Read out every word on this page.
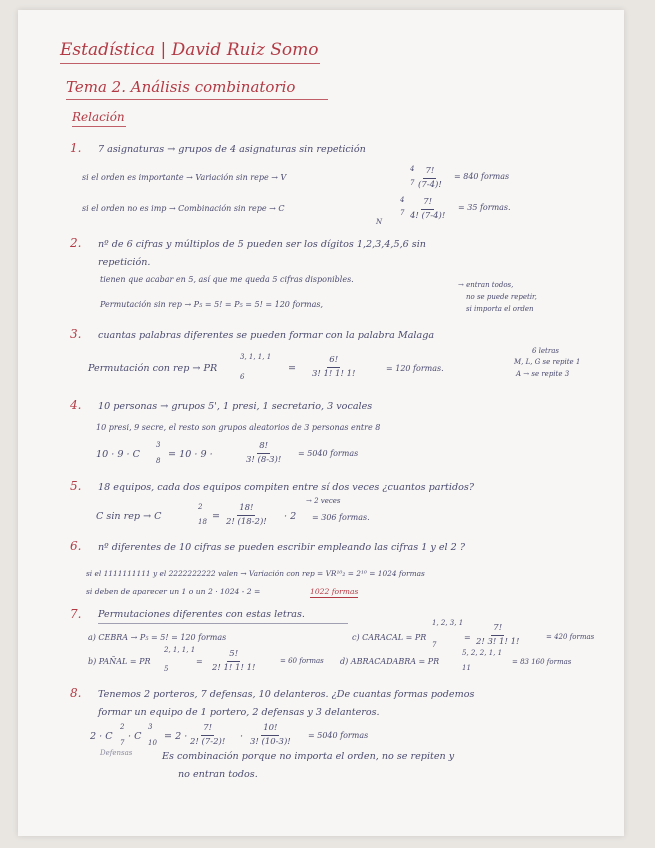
Estadística | David Ruiz Somo
Tema 2. Análisis combinatorio
Relación
1. 7 asignaturas → grupos de 4 asignaturas sin repetición
si el orden es importante → Variación sin repe → V
4
$7 \frac{7!}{(7-4)!} = 840$ formas
si el orden no es imp → Combinación sin repe → C
4
7
N
$\frac{7!}{4! (7-4)!} = 35$ formas.
2. nº de 6 cifras y múltiplos de 5 pueden ser los dígitos 1,2,3,4,5,6 sin
repetición.
tienen que acabar en 5, así que me queda 5 cifras disponibles.
Permutación sin rep → P₅ = 5! = P₅ = 5! = 120 formas,
→ entran todos,
no se puede repetir,
si importa el orden
3. cuantas palabras diferentes se pueden formar con la palabra Malaga
6 letras
M, L, G se repite 1
A → se repite 3
Permutación con rep → PR
3, 1, 1, 1
6
= $\frac{6!}{3! 1! 1! 1!}$	= 120 formas.
4. 10 personas → grupos 5', 1 presi, 1 secretario, 3 vocales
10 presi, 9 secre, el resto son grupos aleatorios de 3 personas entre 8
10 · 9 · C
3
8
= 10 · 9 ·	$\frac{8!}{3! (8-3)!} = 5040$ formas
5. 18 equipos, cada dos equipos compiten entre sí dos veces ¿cuantos partidos?
C sin rep → C
2
$18 = \frac{18!}{2! (18-2)!} \cdot 2$
→ 2 veces
= 306 formas.
6. nº diferentes de 10 cifras se pueden escribir empleando las cifras 1 y el 2 ?
si el 1111111111 y el 2222222222 valen → Variación con rep = VR¹⁰₂ = 2¹⁰ = 1024 formas
si deben de aparecer un 1 o un 2 · 1024 - 2 =	1022 formas
7. Permutaciones diferentes con estas letras.
a) CEBRA → P₅ = 5! = 120 formas	c) CARACAL = PR
1, 2, 3, 1
7
= $\frac{7!}{2! 3! 1! 1!}$	= 420 formas
b) PAÑAL = PR
2, 1, 1, 1
5
= $\frac{5!}{2! 1! 1! 1!}$	= 60 formas d) ABRACADABRA = PR
5, 2, 2, 1, 1
11
= 83 160 formas
8. Tenemos 2 porteros, 7 defensas, 10 delanteros. ¿De cuantas formas podemos
formar un equipo de 1 portero, 2 defensas y 3 delanteros.
2 · C
2
7
· C
3
10
= $2 \cdot \frac{7!}{2! (7-2)!} \cdot \frac{10!}{3! (10-3)!} = 5040$ formas
Defensas	Es combinación porque no importa el orden, no se repiten y
no entran todos.
